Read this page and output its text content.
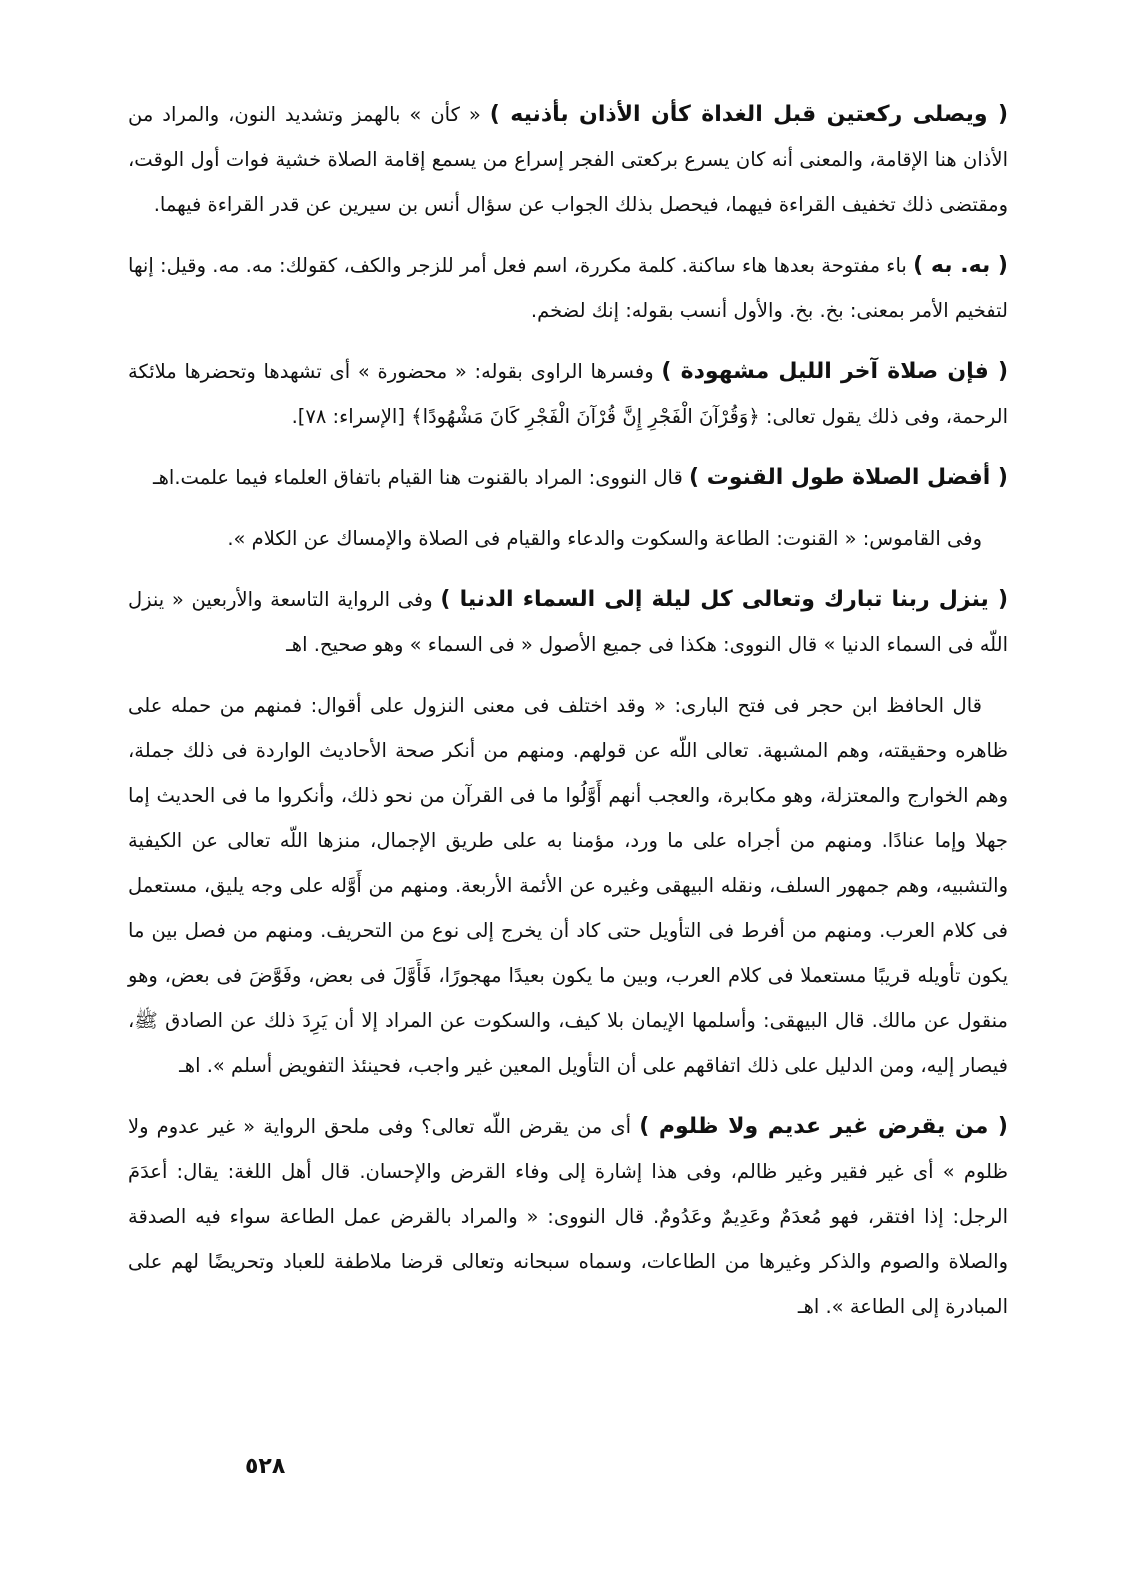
( ويصلى ركعتين قبل الغداة كأن الأذان بأذنيه ) « كأن » بالهمز وتشديد النون، والمراد من الأذان هنا الإقامة، والمعنى أنه كان يسرع بركعتى الفجر إسراع من يسمع إقامة الصلاة خشية فوات أول الوقت، ومقتضى ذلك تخفيف القراءة فيهما، فيحصل بذلك الجواب عن سؤال أنس بن سيرين عن قدر القراءة فيهما.

( به. به ) باء مفتوحة بعدها هاء ساكنة. كلمة مكررة، اسم فعل أمر للزجر والكف، كقولك: مه. مه. وقيل: إنها لتفخيم الأمر بمعنى: بخ. بخ. والأول أنسب بقوله: إنك لضخم.

( فإن صلاة آخر الليل مشهودة ) وفسرها الراوى بقوله: « محضورة » أى تشهدها وتحضرها ملائكة الرحمة، وفى ذلك يقول تعالى: ﴿وَقُرْآنَ الْفَجْرِ إِنَّ قُرْآنَ الْفَجْرِ كَانَ مَشْهُودًا﴾ [الإسراء: ٧٨].

( أفضل الصلاة طول القنوت ) قال النووى: المراد بالقنوت هنا القيام باتفاق العلماء فيما علمت.اهـ

وفى القاموس: « القنوت: الطاعة والسكوت والدعاء والقيام فى الصلاة والإمساك عن الكلام ».

( ينزل ربنا تبارك وتعالى كل ليلة إلى السماء الدنيا ) وفى الرواية التاسعة والأربعين « ينزل اللّه فى السماء الدنيا » قال النووى: هكذا فى جميع الأصول « فى السماء » وهو صحيح. اهـ

قال الحافظ ابن حجر فى فتح البارى: « وقد اختلف فى معنى النزول على أقوال: فمنهم من حمله على ظاهره وحقيقته، وهم المشبهة. تعالى اللّه عن قولهم. ومنهم من أنكر صحة الأحاديث الواردة فى ذلك جملة، وهم الخوارج والمعتزلة، وهو مكابرة، والعجب أنهم أَوَّلُوا ما فى القرآن من نحو ذلك، وأنكروا ما فى الحديث إما جهلا وإما عنادًا. ومنهم من أجراه على ما ورد، مؤمنا به على طريق الإجمال، منزها اللّه تعالى عن الكيفية والتشبيه، وهم جمهور السلف، ونقله البيهقى وغيره عن الأئمة الأربعة. ومنهم من أَوَّله على وجه يليق، مستعمل فى كلام العرب. ومنهم من أفرط فى التأويل حتى كاد أن يخرج إلى نوع من التحريف. ومنهم من فصل بين ما يكون تأويله قريبًا مستعملا فى كلام العرب، وبين ما يكون بعيدًا مهجورًا، فَأَوَّلَ فى بعض، وفَوَّضَ فى بعض، وهو منقول عن مالك. قال البيهقى: وأسلمها الإيمان بلا كيف، والسكوت عن المراد إلا أن يَرِدَ ذلك عن الصادق ﷺ، فيصار إليه، ومن الدليل على ذلك اتفاقهم على أن التأويل المعين غير واجب، فحينئذ التفويض أسلم ». اهـ

( من يقرض غير عديم ولا ظلوم ) أى من يقرض اللّه تعالى؟ وفى ملحق الرواية « غير عدوم ولا ظلوم » أى غير فقير وغير ظالم، وفى هذا إشارة إلى وفاء القرض والإحسان. قال أهل اللغة: يقال: أعدَمَ الرجل: إذا افتقر، فهو مُعدَمٌ وعَدِيمٌ وعَدُومٌ. قال النووى: « والمراد بالقرض عمل الطاعة سواء فيه الصدقة والصلاة والصوم والذكر وغيرها من الطاعات، وسماه سبحانه وتعالى قرضا ملاطفة للعباد وتحريضًا لهم على المبادرة إلى الطاعة ». اهـ

٥٢٨
